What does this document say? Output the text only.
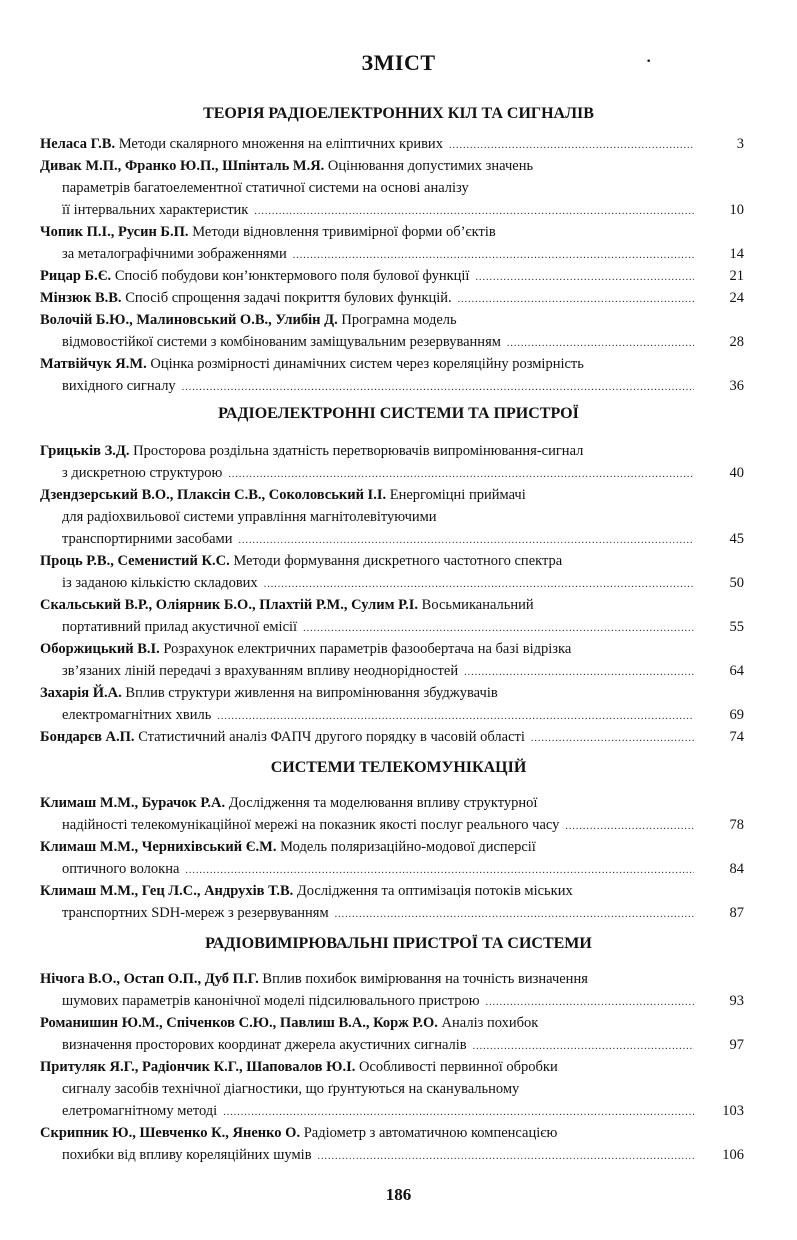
ЗМІСТ	·
ТЕОРІЯ РАДІОЕЛЕКТРОННИХ КІЛ ТА СИГНАЛІВ
Неласа Г.В. Методи скалярного множення на еліптичних кривих .....	3
Дивак М.П., Франко Ю.П., Шпінталь М.Я. Оцінювання допустимих значень
параметрів багатоелементної статичної системи на основі аналізу
її інтервальних характеристик .....	10
Чопик П.І., Русин Б.П. Методи відновлення тривимірної форми об’єктів
за металографічними зображеннями .....	14
Рицар Б.Є. Спосіб побудови кон’юнктермового поля булової функції .....	21
Мінзюк В.В. Спосіб спрощення задачі покриття булових функцій. .....	24
Волочій Б.Ю., Малиновський О.В., Улибін Д. Програмна модель
відмовостійкої системи з комбінованим заміщувальним резервуванням .....	28
Матвійчук Я.М. Оцінка розмірності динамічних систем через кореляційну розмірність
вихідного сигналу .....	36
РАДІОЕЛЕКТРОННІ СИСТЕМИ ТА ПРИСТРОЇ
Грицьків З.Д. Просторова роздільна здатність перетворювачів випромінювання-сигнал
з дискретною структурою .....	40
Дзендзерський В.О., Плаксін С.В., Соколовський І.І. Енергоміцні приймачі
для радіохвильової системи управління магнітолевітуючими
транспортирними засобами .....	45
Проць Р.В., Семенистий К.С. Методи формування дискретного частотного спектра
із заданою кількістю складових .....	50
Скальський В.Р., Оліярник Б.О., Плахтій Р.М., Сулим Р.І. Восьмиканальний
портативний прилад акустичної емісії .....	55
Оборжицький В.І. Розрахунок електричних параметрів фазообертача на базі відрізка
зв’язаних ліній передачі з врахуванням впливу неоднорідностей .....	64
Захарія Й.А. Вплив структури живлення на випромінювання збуджувачів
електромагнітних хвиль .....	69
Бондарєв А.П. Статистичний аналіз ФАПЧ другого порядку в часовій області .....	74
СИСТЕМИ ТЕЛЕКОМУНІКАЦІЙ
Климаш М.М., Бурачок Р.А. Дослідження та моделювання впливу структурної
надійності телекомунікаційної мережі на показник якості послуг реального часу .....	78
Климаш М.М., Чернихівський Є.М. Модель поляризаційно-модової дисперсії
оптичного волокна .....	84
Климаш М.М., Гец Л.С., Андрухів Т.В. Дослідження та оптимізація потоків міських
транспортних SDH-мереж з резервуванням .....	87
РАДІОВИМІРЮВАЛЬНІ ПРИСТРОЇ ТА СИСТЕМИ
Нічога В.О., Остап О.П., Дуб П.Г. Вплив похибок вимірювання на точність визначення
шумових параметрів канонічної моделі підсилювального пристрою .....	93
Романишин Ю.М., Спіченков С.Ю., Павлиш В.А., Корж Р.О. Аналіз похибок
визначення просторових координат джерела акустичних сигналів .....	97
Притуляк Я.Г., Радіончик К.Г., Шаповалов Ю.І. Особливості первинної обробки
сигналу засобів технічної діагностики, що ґрунтуються на сканувальному
елетромагнітному методі .....	103
Скрипник Ю., Шевченко К., Яненко О. Радіометр з автоматичною компенсацією
похибки від впливу кореляційних шумів .....	106
186
